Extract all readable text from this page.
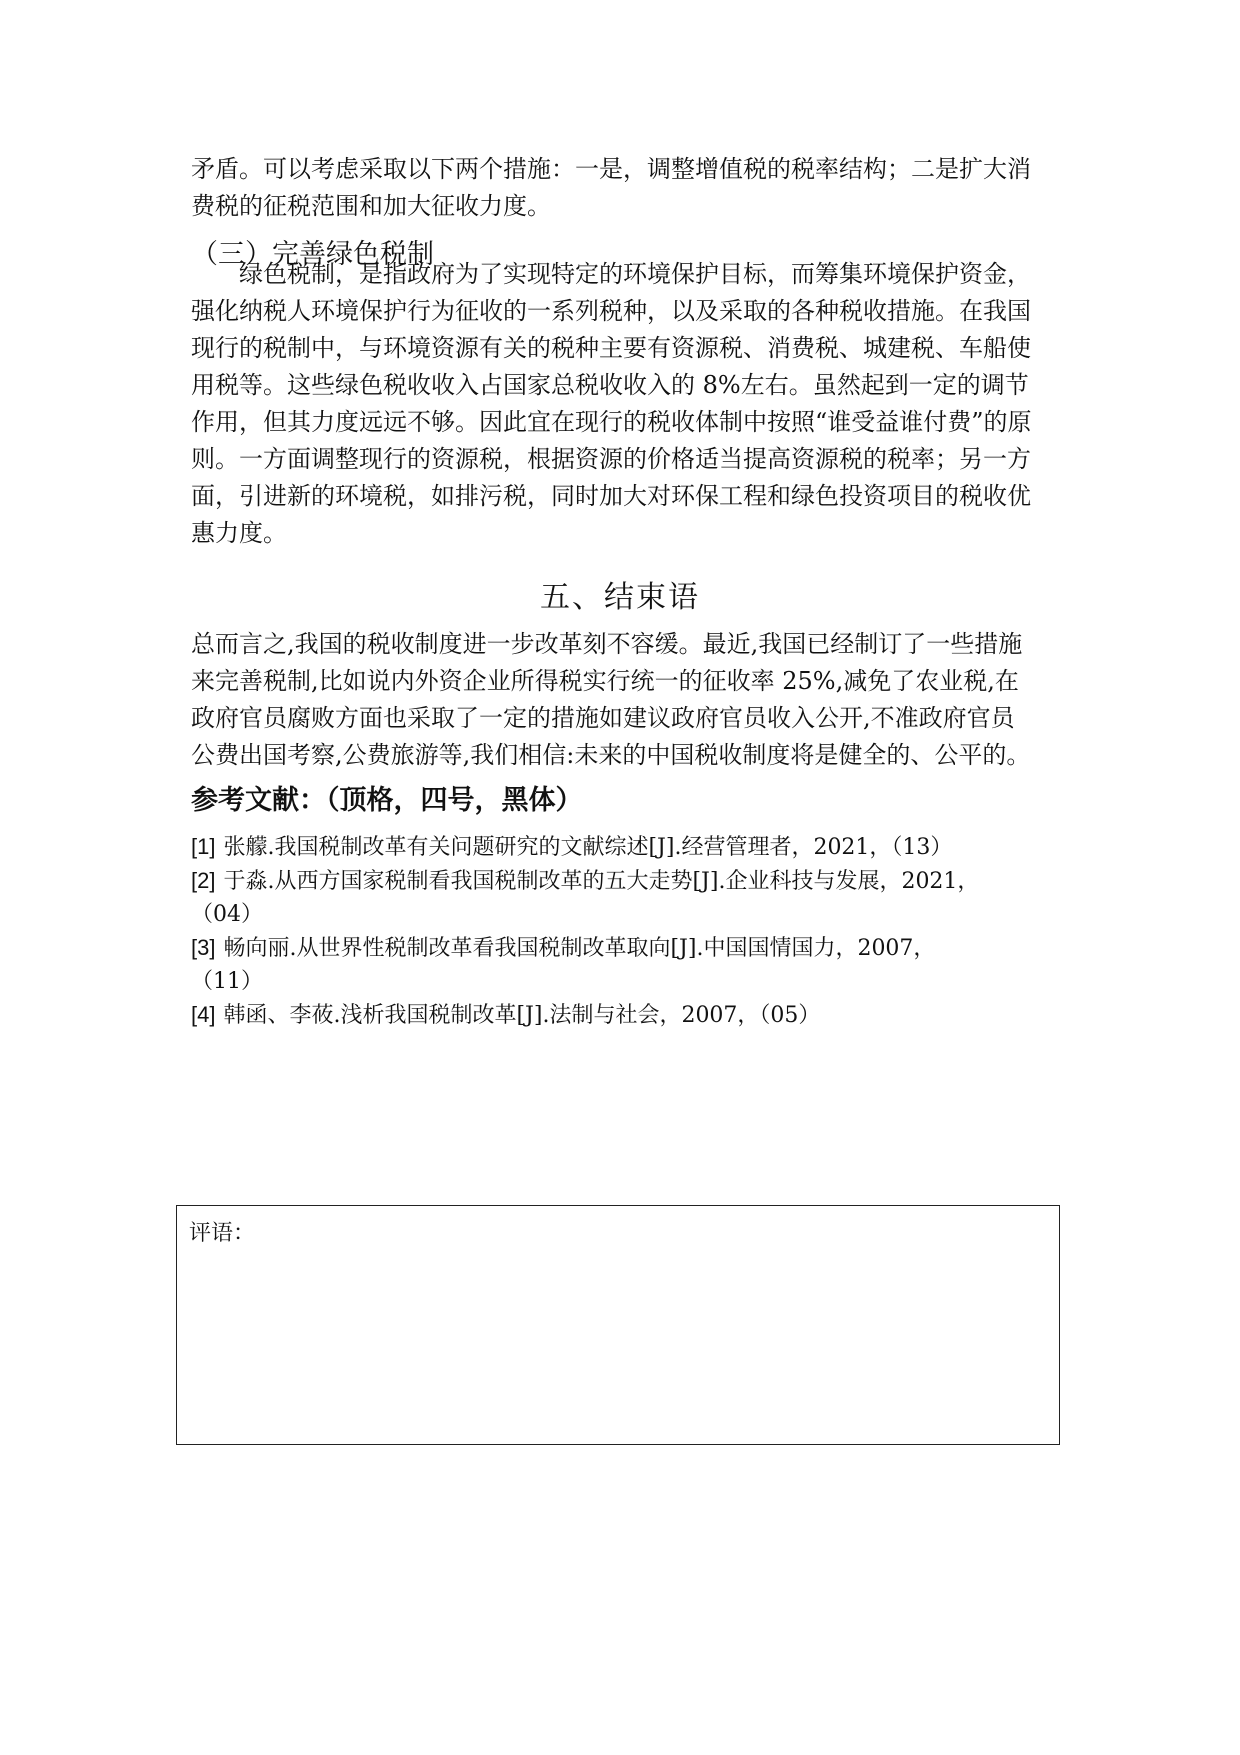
矛盾。可以考虑采取以下两个措施：一是，调整增值税的税率结构；二是扩大消
费税的征税范围和加大征收力度。

（三）完善绿色税制

绿色税制，是指政府为了实现特定的环境保护目标，而筹集环境保护资金，
强化纳税人环境保护行为征收的一系列税种，以及采取的各种税收措施。在我国
现行的税制中，与环境资源有关的税种主要有资源税、消费税、城建税、车船使
用税等。这些绿色税收收入占国家总税收收入的 8%左右。虽然起到一定的调节
作用，但其力度远远不够。因此宜在现行的税收体制中按照“谁受益谁付费”的原
则。一方面调整现行的资源税，根据资源的价格适当提高资源税的税率；另一方
面，引进新的环境税，如排污税，同时加大对环保工程和绿色投资项目的税收优
惠力度。

五、结束语

总而言之,我国的税收制度进一步改革刻不容缓。最近,我国已经制订了一些措施
来完善税制,比如说内外资企业所得税实行统一的征收率 25%,减免了农业税,在
政府官员腐败方面也采取了一定的措施如建议政府官员收入公开,不准政府官员
公费出国考察,公费旅游等,我们相信:未来的中国税收制度将是健全的、公平的。

参考文献：（顶格，四号，黑体）
[1] 张艨.我国税制改革有关问题研究的文献综述[J].经营管理者，2021，（13）
[2] 于淼.从西方国家税制看我国税制改革的五大走势[J].企业科技与发展，2021，
（04）
[3] 畅向丽.从世界性税制改革看我国税制改革取向[J].中国国情国力，2007，
（11）
[4] 韩函、李莜.浅析我国税制改革[J].法制与社会，2007，（05）

评语：
